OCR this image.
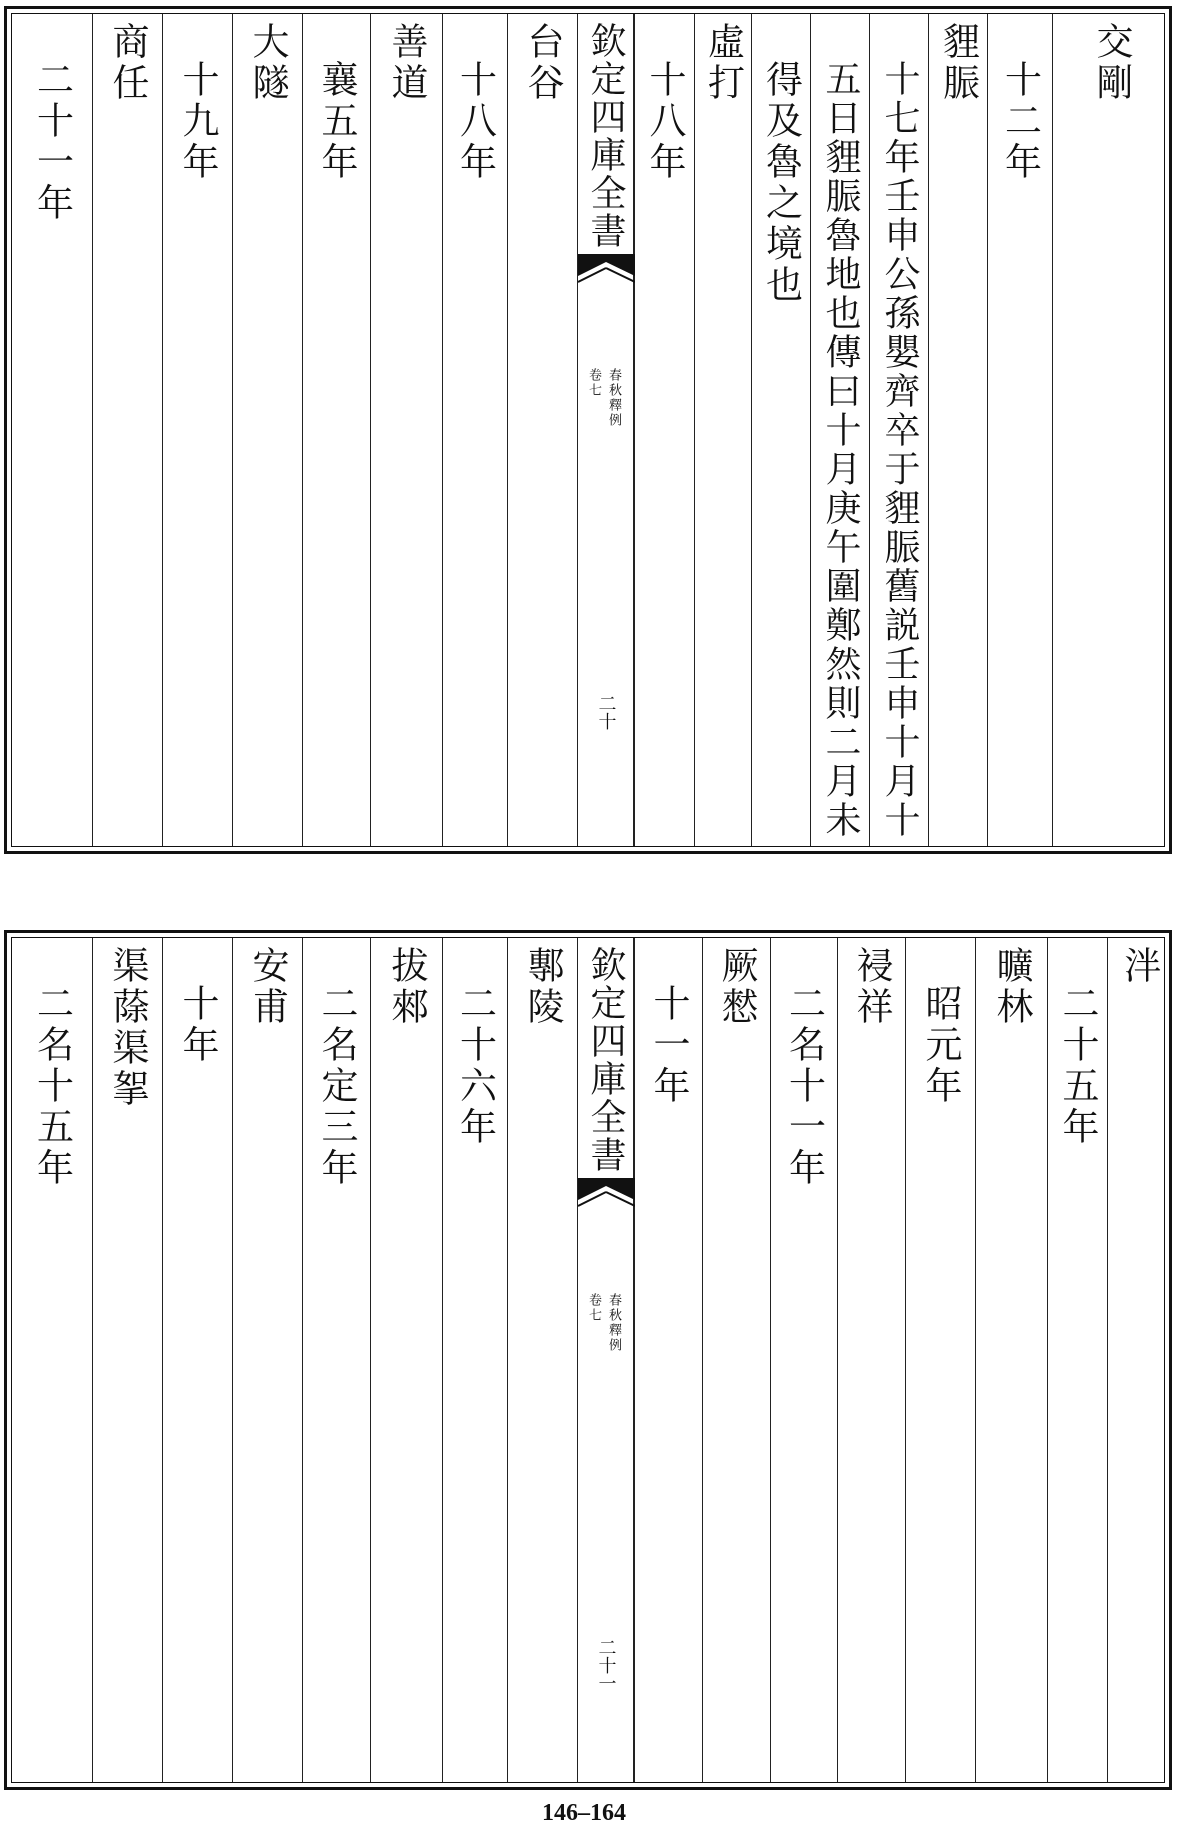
交剛
十二年
貍脤
十七年壬申公孫嬰齊卒于貍脤舊説壬申十月十
五日貍脤魯地也傳曰十月庚午圍鄭然則二月未
得及魯之境也
虛打
十八年
欽定四庫全書
春秋釋例
卷七
二十
台谷
十八年
善道
襄五年
大隧
十九年
商任
二十一年
泮
二十五年
曠林
昭元年
祲祥
二名十一年
厥憖
十一年
欽定四庫全書
春秋釋例
卷七
二十一
鄟陵
二十六年
拔郲
二名定三年
安甫
十年
渠蒢渠挐
二名十五年
146–164
